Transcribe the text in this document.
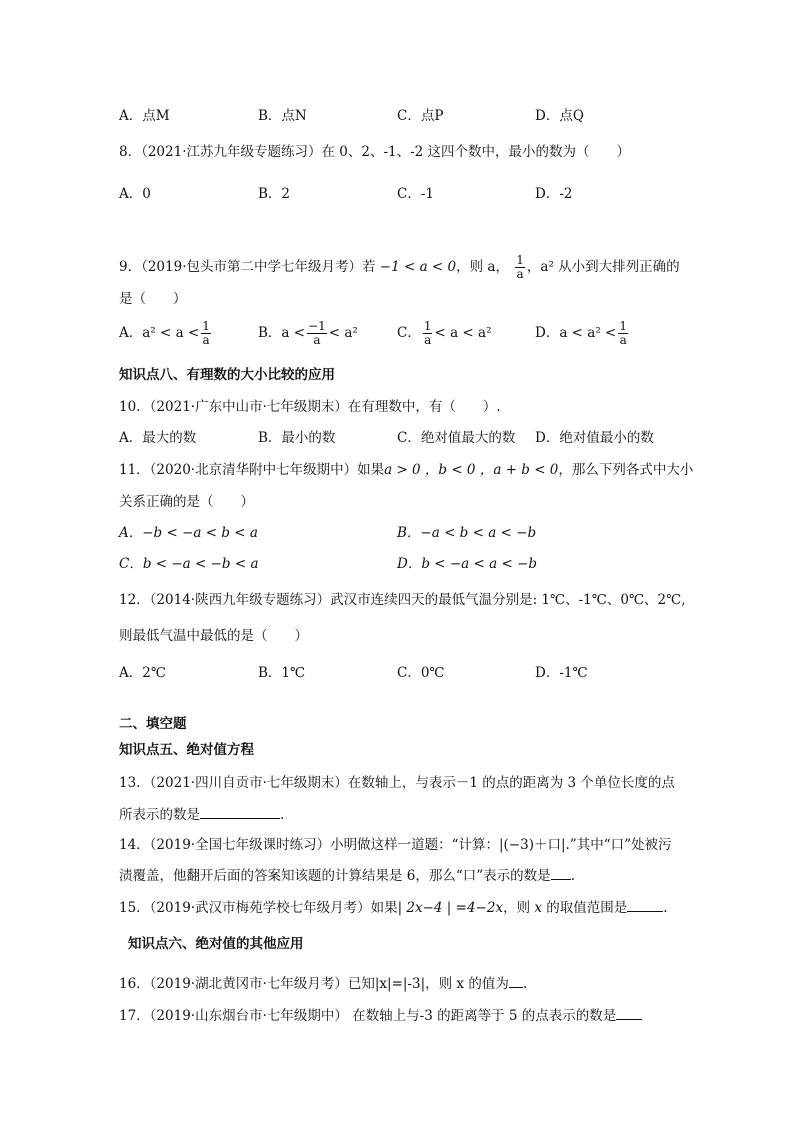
A．点M	B．点N	C．点P	D．点Q
8．（2021·江苏九年级专题练习）在 0、2、-1、-2 这四个数中，最小的数为（　　）
A．0	B．2	C．-1	D．-2
9．（2019·包头市第二中学七年级月考）若 −1 < a < 0，则 a， $\frac{1}{a}$ ，a² 从小到大排列正确的
是（　　）
A．$a^2 < a < \frac{1}{a}$	B．$a < \frac{-1}{a} < a^2$	C． $\frac{1}{a} < a < a^2$	D．$a < a^2 < \frac{1}{a}$
知识点八、有理数的大小比较的应用
10．（2021·广东中山市·七年级期末）在有理数中，有（　　）.
A．最大的数	B．最小的数	C．绝对值最大的数 D．绝对值最小的数
11．（2020·北京清华附中七年级期中）如果a > 0 ，b < 0 ，a + b < 0，那么下列各式中大小
关系正确的是（　　）
A．−b < −a < b < a	B．−a < b < a < −b
C．b < −a < −b < a	D．b < −a < a < −b
12．（2014·陕西九年级专题练习）武汉市连续四天的最低气温分别是: 1℃、-1℃、0℃、2℃,
则最低气温中最低的是（　　）
A．2℃	B．1℃	C．0℃	D．-1℃
二、填空题
知识点五、绝对值方程
13．（2021·四川自贡市·七年级期末）在数轴上，与表示－1 的点的距离为 3 个单位长度的点
所表示的数是	.
14．（2019·全国七年级课时练习）小明做这样一道题：“计算：|(−3)＋口|.”其中“口”处被污
渍覆盖，他翻开后面的答案知该题的计算结果是 6，那么“口”表示的数是 .
15．（2019·武汉市梅苑学校七年级月考）如果| 2x−4 | =4−2x，则 x 的取值范围是	.
知识点六、绝对值的其他应用
16．（2019·湖北黄冈市·七年级月考）已知|x|=|-3|，则 x 的值为 .
17．（2019·山东烟台市·七年级期中） 在数轴上与-3 的距离等于 5 的点表示的数是
